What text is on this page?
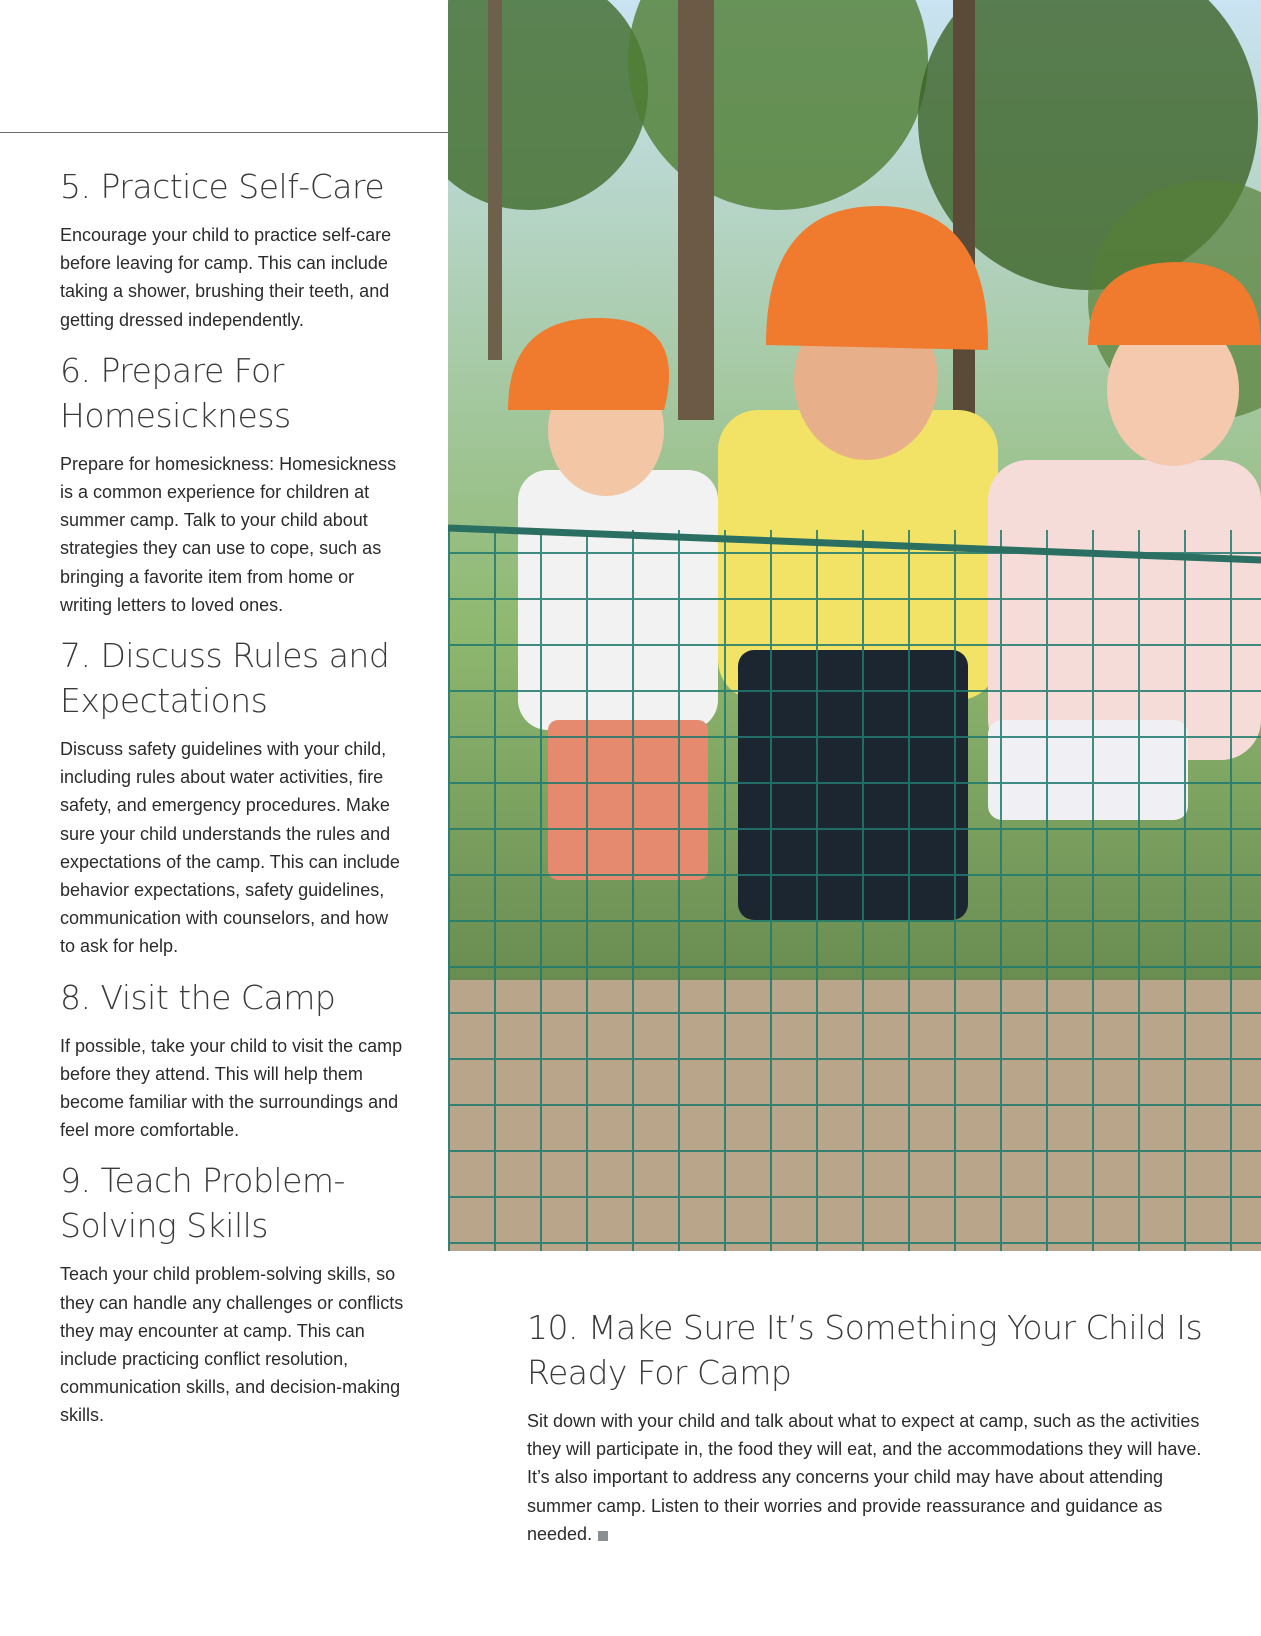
5. Practice Self-Care

Encourage your child to practice self-care before leaving for camp. This can include taking a shower, brushing their teeth, and getting dressed independently.

6. Prepare For Homesickness

Prepare for homesickness: Homesickness is a common experience for children at summer camp. Talk to your child about strategies they can use to cope, such as bringing a favorite item from home or writing letters to loved ones.

7. Discuss Rules and Expectations

Discuss safety guidelines with your child, including rules about water activities, fire safety, and emergency procedures. Make sure your child understands the rules and expectations of the camp. This can include behavior expectations, safety guidelines, communication with counselors, and how to ask for help.

8. Visit the Camp

If possible, take your child to visit the camp before they attend. This will help them become familiar with the surroundings and feel more comfortable.

9. Teach Problem-Solving Skills

Teach your child problem-solving skills, so they can handle any challenges or conflicts they may encounter at camp. This can include practicing conflict resolution, communication skills, and decision-making skills.

10. Make Sure It’s Something Your Child Is Ready For Camp

Sit down with your child and talk about what to expect at camp, such as the activities they will participate in, the food they will eat, and the accommodations they will have. It’s also important to address any concerns your child may have about attending summer camp. Listen to their worries and provide reassurance and guidance as needed.
